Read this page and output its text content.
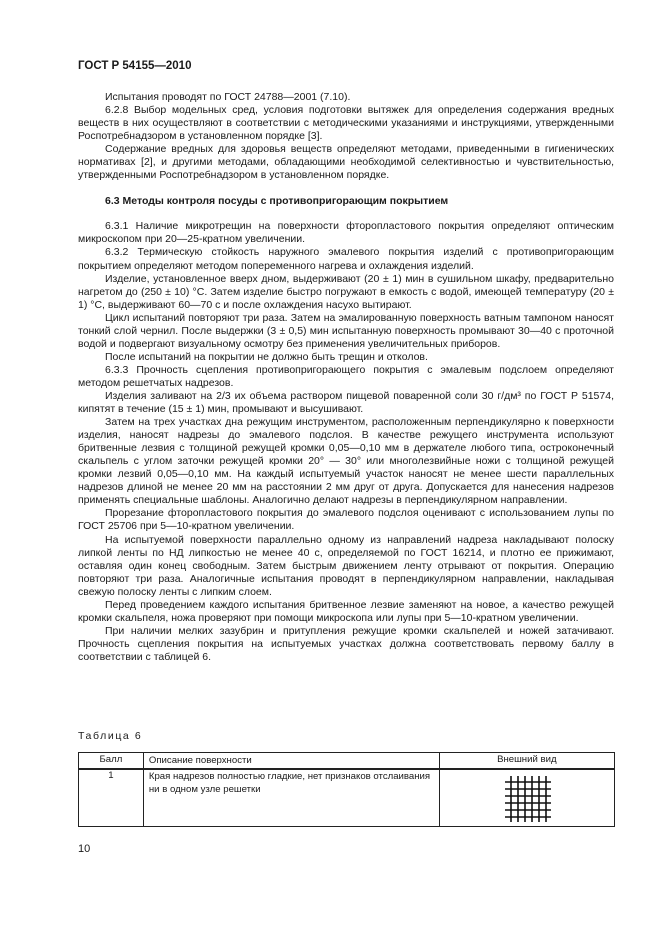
ГОСТ Р 54155—2010

Испытания проводят по ГОСТ 24788—2001 (7.10).

6.2.8 Выбор модельных сред, условия подготовки вытяжек для определения содержания вредных веществ в них осуществляют в соответствии с методическими указаниями и инструкциями, утвержденными Роспотребнадзором в установленном порядке [3].

Содержание вредных для здоровья веществ определяют методами, приведенными в гигиенических нормативах [2], и другими методами, обладающими необходимой селективностью и чувствительностью, утвержденными Роспотребнадзором в установленном порядке.

6.3 Методы контроля посуды с противопригорающим покрытием

6.3.1 Наличие микротрещин на поверхности фторопластового покрытия определяют оптическим микроскопом при 20—25-кратном увеличении.

6.3.2 Термическую стойкость наружного эмалевого покрытия изделий с противопригорающим покрытием определяют методом попеременного нагрева и охлаждения изделий.

Изделие, установленное вверх дном, выдерживают (20 ± 1) мин в сушильном шкафу, предварительно нагретом до (250 ± 10) °С. Затем изделие быстро погружают в емкость с водой, имеющей температуру (20 ± 1) °С, выдерживают 60—70 с и после охлаждения насухо вытирают.

Цикл испытаний повторяют три раза. Затем на эмалированную поверхность ватным тампоном наносят тонкий слой чернил. После выдержки (3 ± 0,5) мин испытанную поверхность промывают 30—40 с проточной водой и подвергают визуальному осмотру без применения увеличительных приборов.

После испытаний на покрытии не должно быть трещин и отколов.

6.3.3 Прочность сцепления противопригорающего покрытия с эмалевым подслоем определяют методом решетчатых надрезов.

Изделия заливают на 2/3 их объема раствором пищевой поваренной соли 30 г/дм³ по ГОСТ Р 51574, кипятят в течение (15 ± 1) мин, промывают и высушивают.

Затем на трех участках дна режущим инструментом, расположенным перпендикулярно к поверхности изделия, наносят надрезы до эмалевого подслоя. В качестве режущего инструмента используют бритвенные лезвия с толщиной режущей кромки 0,05—0,10 мм в держателе любого типа, остроконечный скальпель с углом заточки режущей кромки 20° — 30° или многолезвийные ножи с толщиной режущей кромки лезвий 0,05—0,10 мм. На каждый испытуемый участок наносят не менее шести параллельных надрезов длиной не менее 20 мм на расстоянии 2 мм друг от друга. Допускается для нанесения надрезов применять специальные шаблоны. Аналогично делают надрезы в перпендикулярном направлении.

Прорезание фторопластового покрытия до эмалевого подслоя оценивают с использованием лупы по ГОСТ 25706 при 5—10-кратном увеличении.

На испытуемой поверхности параллельно одному из направлений надреза накладывают полоску липкой ленты по НД липкостью не менее 40 с, определяемой по ГОСТ 16214, и плотно ее прижимают, оставляя один конец свободным. Затем быстрым движением ленту отрывают от покрытия. Операцию повторяют три раза. Аналогичные испытания проводят в перпендикулярном направлении, накладывая свежую полоску ленты с липким слоем.

Перед проведением каждого испытания бритвенное лезвие заменяют на новое, а качество режущей кромки скальпеля, ножа проверяют при помощи микроскопа или лупы при 5—10-кратном увеличении.

При наличии мелких зазубрин и притупления режущие кромки скальпелей и ножей затачивают. Прочность сцепления покрытия на испытуемых участках должна соответствовать первому баллу в соответствии с таблицей 6.

Таблица 6
Балл	Описание поверхности	Внешний вид
1	Края надрезов полностью гладкие, нет признаков отслаивания ни в одном узле решетки	
10
